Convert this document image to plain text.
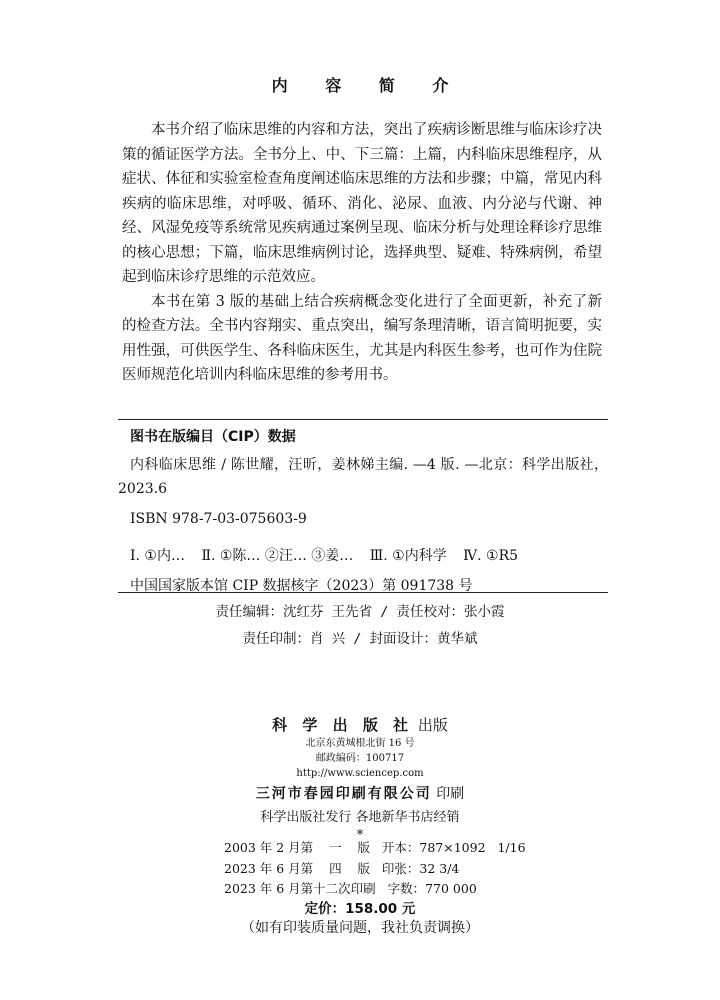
内 容 简 介

本书介绍了临床思维的内容和方法，突出了疾病诊断思维与临床诊疗决策的循证医学方法。全书分上、中、下三篇：上篇，内科临床思维程序，从症状、体征和实验室检查角度阐述临床思维的方法和步骤；中篇，常见内科疾病的临床思维，对呼吸、循环、消化、泌尿、血液、内分泌与代谢、神经、风湿免疫等系统常见疾病通过案例呈现、临床分析与处理诠释诊疗思维的核心思想；下篇，临床思维病例讨论，选择典型、疑难、特殊病例，希望起到临床诊疗思维的示范效应。

本书在第 3 版的基础上结合疾病概念变化进行了全面更新，补充了新的检查方法。全书内容翔实、重点突出，编写条理清晰，语言简明扼要，实用性强，可供医学生、各科临床医生，尤其是内科医生参考，也可作为住院医师规范化培训内科临床思维的参考用书。

图书在版编目（CIP）数据
内科临床思维 / 陈世耀，汪昕，姜林娣主编. —4 版. —北京：科学出版社，2023.6
ISBN 978-7-03-075603-9
Ⅰ. ①内… Ⅱ. ①陈… ②汪… ③姜… Ⅲ. ①内科学 Ⅳ. ①R5
中国国家版本馆 CIP 数据核字（2023）第 091738 号
责任编辑：沈红芬 王先省 / 责任校对：张小霞
责任印制：肖 兴 / 封面设计：黄华斌
科 学 出 版 社 出版
北京东黄城根北街 16 号
邮政编码：100717
http://www.sciencep.com
三河市春园印刷有限公司 印刷
科学出版社发行 各地新华书店经销
*
2003 年 2 月第    一    版   开本：787×1092   1/16
2023 年 6 月第    四    版   印张：32 3/4
2023 年 6 月第十二次印刷   字数：770 000
定价：158.00 元
（如有印装质量问题，我社负责调换）
